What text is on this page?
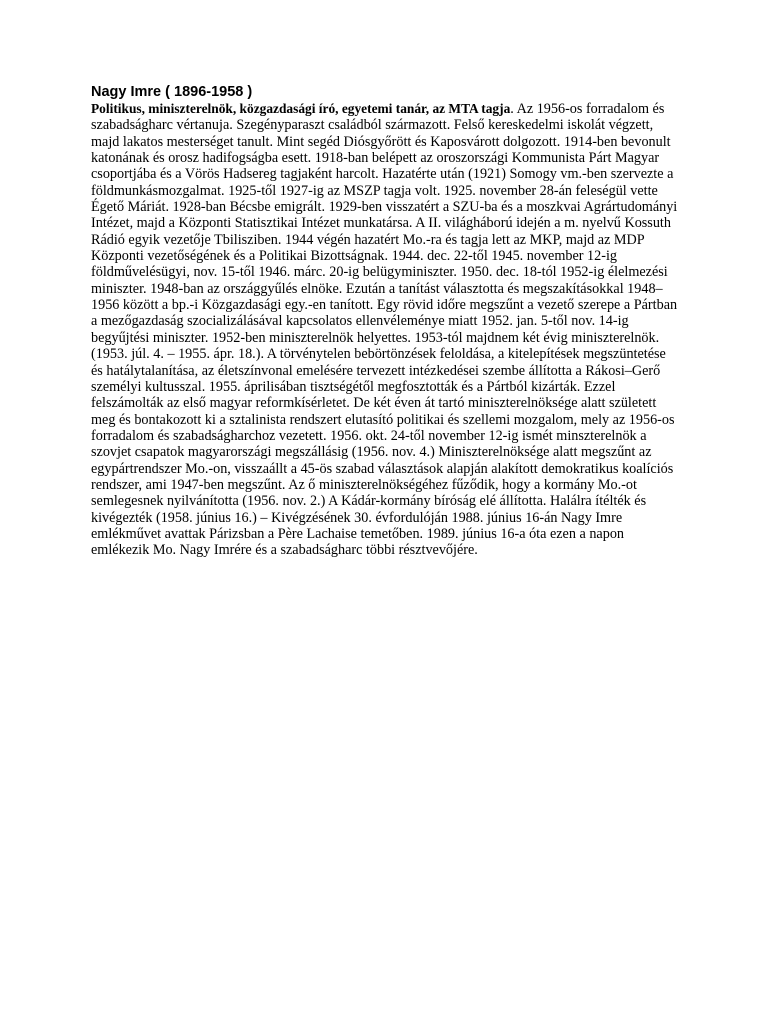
Nagy Imre ( 1896-1958 )

Politikus, miniszterelnök, közgazdasági író, egyetemi tanár, az MTA tagja. Az 1956-os forradalom és szabadságharc vértanuja. Szegényparaszt családból származott. Felső kereskedelmi iskolát végzett, majd lakatos mesterséget tanult. Mint segéd Diósgyőrött és Kaposvárott dolgozott. 1914-ben bevonult katonának és orosz hadifogságba esett. 1918-ban belépett az oroszországi Kommunista Párt Magyar csoportjába és a Vörös Hadsereg tagjaként harcolt. Hazatérte után (1921) Somogy vm.-ben szervezte a földmunkásmozgalmat. 1925-től 1927-ig az MSZP tagja volt. 1925. november 28-án feleségül vette Égető Máriát. 1928-ban Bécsbe emigrált. 1929-ben visszatért a SZU-ba és a moszkvai Agrártudományi Intézet, majd a Központi Statisztikai Intézet munkatársa. A II. világháború idején a m. nyelvű Kossuth Rádió egyik vezetője Tbilisziben. 1944 végén hazatért Mo.-ra és tagja lett az MKP, majd az MDP Központi vezetőségének és a Politikai Bizottságnak. 1944. dec. 22-től 1945. november 12-ig földművelésügyi, nov. 15-től 1946. márc. 20-ig belügyminiszter. 1950. dec. 18-tól 1952-ig élelmezési miniszter. 1948-ban az országgyűlés elnöke. Ezután a tanítást választotta és megszakításokkal 1948–1956 között a bp.-i Közgazdasági egy.-en tanított. Egy rövid időre megszűnt a vezető szerepe a Pártban a mezőgazdaság szocializálásával kapcsolatos ellenvéleménye miatt 1952. jan. 5-től nov. 14-ig begyűjtési miniszter. 1952-ben miniszterelnök helyettes. 1953-tól majdnem két évig miniszterelnök. (1953. júl. 4. – 1955. ápr. 18.). A törvénytelen bebörtönzések feloldása, a kitelepítések megszüntetése és hatálytalanítása, az életszínvonal emelésére tervezett intézkedései szembe állította a Rákosi–Gerő személyi kultusszal. 1955. áprilisában tisztségétől megfosztották és a Pártból kizárták. Ezzel felszámolták az első magyar reformkísérletet. De két éven át tartó miniszterelnöksége alatt született meg és bontakozott ki a sztalinista rendszert elutasító politikai és szellemi mozgalom, mely az 1956-os forradalom és szabadságharchoz vezetett. 1956. okt. 24-től november 12-ig ismét minszterelnök a szovjet csapatok magyarországi megszállásig (1956. nov. 4.) Miniszterelnöksége alatt megszűnt az egypártrendszer Mo.-on, visszaállt a 45-ös szabad választások alapján alakított demokratikus koalíciós rendszer, ami 1947-ben megszűnt. Az ő miniszterelnökségéhez fűződik, hogy a kormány Mo.-ot semlegesnek nyilvánította (1956. nov. 2.) A Kádár-kormány bíróság elé állította. Halálra ítélték és kivégezték (1958. június 16.) – Kivégzésének 30. évfordulóján 1988. június 16-án Nagy Imre emlékművet avattak Párizsban a Père Lachaise temetőben. 1989. június 16-a óta ezen a napon emlékezik Mo. Nagy Imrére és a szabadságharc többi résztvevőjére.
